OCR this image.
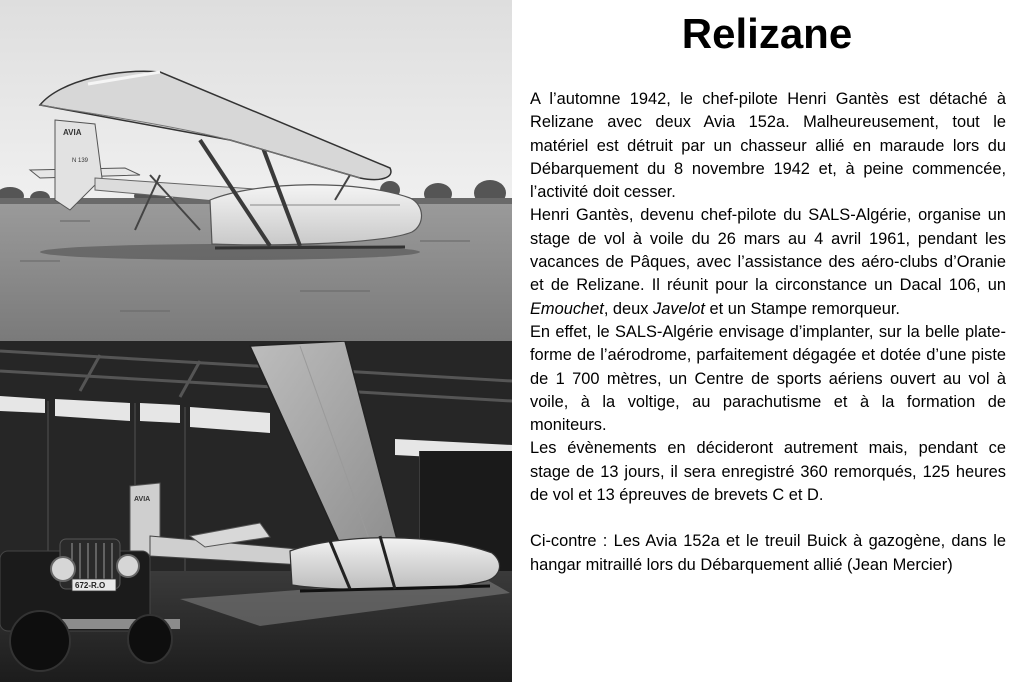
AVIA
N 139
AVIA
672-R.O
Relizane

A l’automne 1942, le chef-pilote Henri Gantès est détaché à Relizane avec deux Avia 152a. Malheureusement, tout le matériel est détruit par un chasseur allié en maraude lors du Débarquement du 8 novembre 1942 et, à peine commencée, l’activité doit cesser.

Henri Gantès, devenu chef-pilote du SALS-Algérie, organise un stage de vol à voile du 26 mars au 4 avril 1961, pendant les vacances de Pâques, avec l’assistance des aéro-clubs d’Oranie et de Relizane. Il réunit pour la circonstance un Dacal 106, un Emouchet, deux Javelot et un Stampe remorqueur.

En effet, le SALS-Algérie envisage d’implanter, sur la belle plate-forme de l’aérodrome, parfaitement dégagée et dotée d’une piste de 1 700 mètres, un Centre de sports aériens ouvert au vol à voile, à la voltige, au parachutisme et à la formation de moniteurs.

Les évènements en décideront autrement mais, pendant ce stage de 13 jours, il sera enregistré 360 remorqués, 125 heures de vol et 13 épreuves de brevets C et D.

Ci-contre : Les Avia 152a et le treuil Buick à gazogène, dans le hangar mitraillé lors du Débarquement allié (Jean Mercier)
